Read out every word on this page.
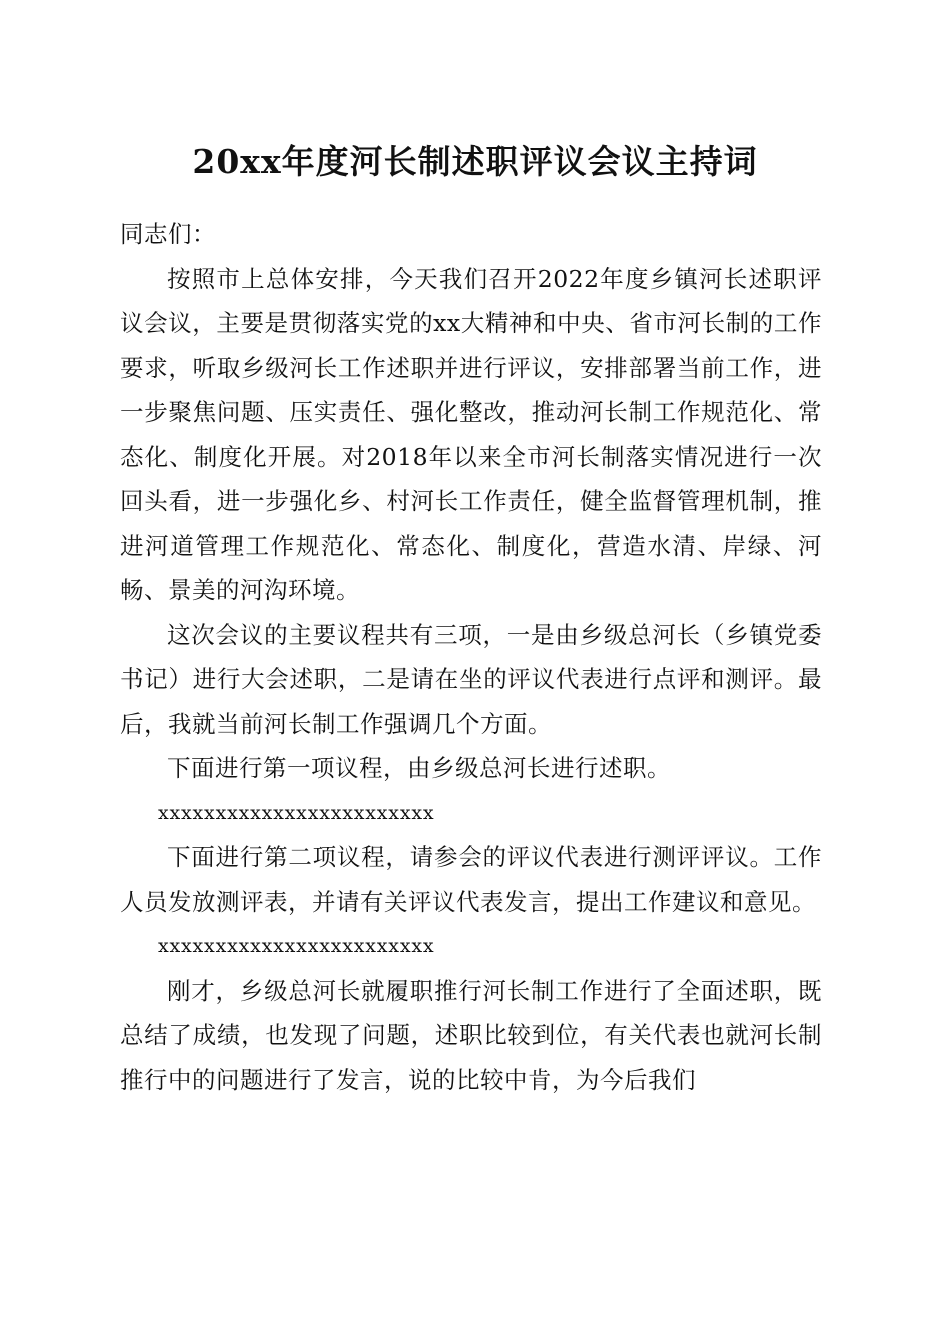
20xx年度河长制述职评议会议主持词

同志们：

按照市上总体安排，今天我们召开2022年度乡镇河长述职评议会议，主要是贯彻落实党的xx大精神和中央、省市河长制的工作要求，听取乡级河长工作述职并进行评议，安排部署当前工作，进一步聚焦问题、压实责任、强化整改，推动河长制工作规范化、常态化、制度化开展。对2018年以来全市河长制落实情况进行一次回头看，进一步强化乡、村河长工作责任，健全监督管理机制，推进河道管理工作规范化、常态化、制度化，营造水清、岸绿、河畅、景美的河沟环境。

这次会议的主要议程共有三项，一是由乡级总河长（乡镇党委书记）进行大会述职，二是请在坐的评议代表进行点评和测评。最后，我就当前河长制工作强调几个方面。

下面进行第一项议程，由乡级总河长进行述职。

xxxxxxxxxxxxxxxxxxxxxxxx

下面进行第二项议程，请参会的评议代表进行测评评议。工作人员发放测评表，并请有关评议代表发言，提出工作建议和意见。

xxxxxxxxxxxxxxxxxxxxxxxx

刚才，乡级总河长就履职推行河长制工作进行了全面述职，既总结了成绩，也发现了问题，述职比较到位，有关代表也就河长制推行中的问题进行了发言，说的比较中肯，为今后我们
